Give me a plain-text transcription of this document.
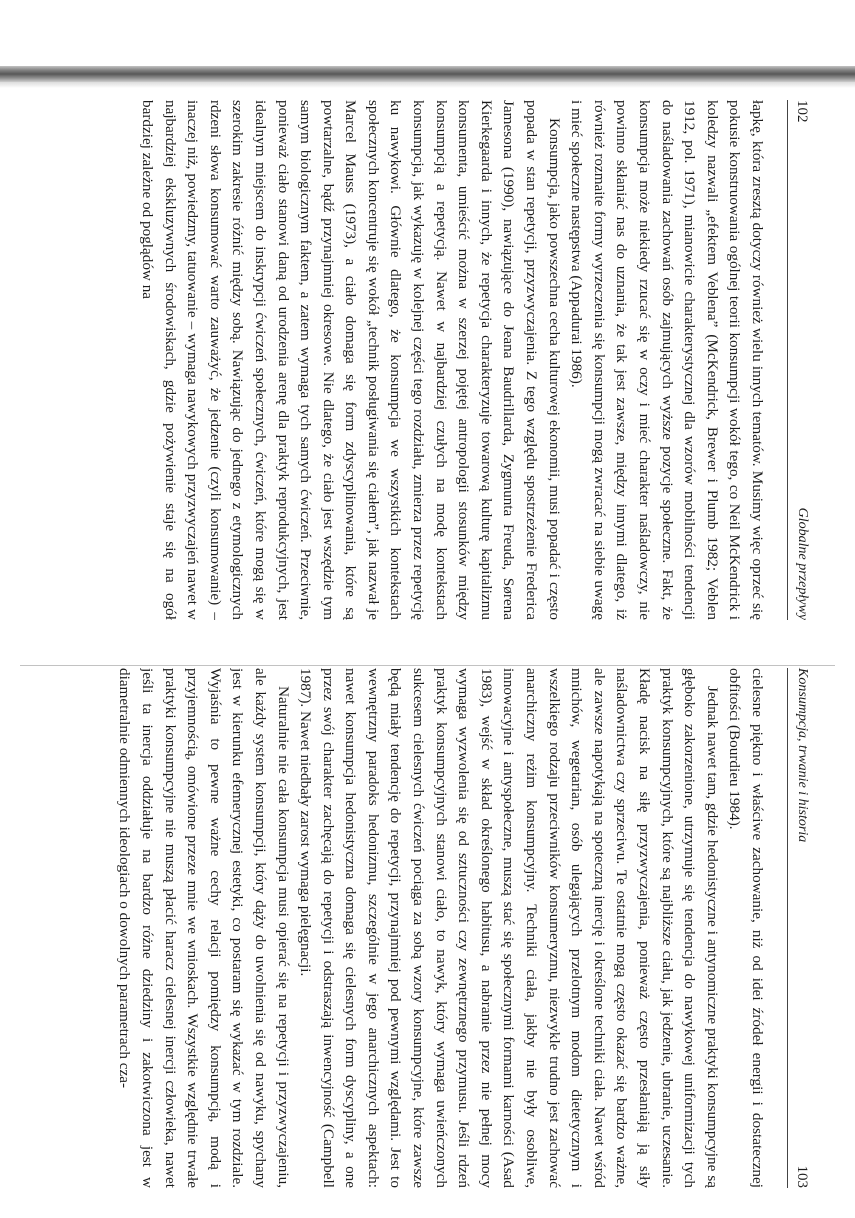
102
Globalne przepływy

łapkę, która zresztą dotyczy również wielu innych tematów. Musimy więc oprzeć się pokusie konstruowania ogólnej teorii konsumpcji wokół tego, co Neil McKendrick i koledzy nazwali „efektem Veblena” (McKendrick, Brewer i Plumb 1982; Veblen 1912, pol. 1971), mianowicie charakterystycznej dla wzorów mobilności tendencji do naśladowania zachowań osób zajmujących wyższe pozycje społeczne. Fakt, że konsumpcja może niekiedy rzucać się w oczy i mieć charakter naśladowczy, nie powinno skłaniać nas do uznania, że tak jest zawsze, między innymi dlatego, iż również rozmaite formy wyrzeczenia się konsumpcji mogą zwracać na siebie uwagę i mieć społeczne następstwa (Appadurai 1986).

Konsumpcja, jako powszechna cecha kulturowej ekonomii, musi popadać i często popada w stan repetycji, przyzwyczajenia. Z tego względu spostrzeżenie Frederica Jamesona (1990), nawiązujące do Jeana Baudrillarda, Zygmunta Freuda, Sørena Kierkegaarda i innych, że repetycja charakteryzuje towarową kulturę kapitalizmu konsumenta, umieścić można w szerzej pojętej antropologii stosunków między konsumpcją a repetycją. Nawet w najbardziej czułych na modę kontekstach konsumpcja, jak wykazuję w kolejnej części tego rozdziału, zmierza przez repetycję ku nawykowi. Głównie dlatego, że konsumpcja we wszystkich kontekstach społecznych koncentruje się wokół „technik posługiwania się ciałem”, jak nazwał je Marcel Mauss (1973), a ciało domaga się form zdyscyplinowania, które są powtarzalne, bądź przynajmniej okresowe. Nie dlatego, że ciało jest wszędzie tym samym biologicznym faktem, a zatem wymaga tych samych ćwiczeń. Przeciwnie, ponieważ ciało stanowi daną od urodzenia arenę dla praktyk reprodukcyjnych, jest idealnym miejscem do inskrypcji ćwiczeń społecznych, ćwiczeń, które mogą się w szerokim zakresie różnić między sobą. Nawiązując do jednego z etymologicznych rdzeni słowa konsumować warto zauważyć, że jedzenie (czyli konsumowanie) – inaczej niż, powiedzmy, tatuowanie – wymaga nawykowych przyzwyczajeń nawet w najbardziej ekskluzywnych środowiskach, gdzie pożywienie staje się na ogół bardziej zależne od poglądów na

Konsumpcja, trwanie i historia
103

cielesne piękno i właściwe zachowanie, niż od idei źródeł energii i dostatecznej obfitości (Bourdieu 1984).

Jednak nawet tam, gdzie hedonistyczne i antynomiczne praktyki konsumpcyjne są głęboko zakorzenione, utrzymuje się tendencja do nawykowej uniformizacji tych praktyk konsumpcyjnych, które są najbliższe ciału, jak jedzenie, ubranie, uczesanie. Kładę nacisk na siłę przyzwyczajenia, ponieważ często przesłaniają ją siły naśladownictwa czy sprzeciwu. Te ostatnie mogą często okazać się bardzo ważne, ale zawsze napotykają na spoteczną inercję i określone techniki ciała. Nawet wśród mnichów, wegetarian, osób ulegających przelotnym modom dietetycznym i wszelkiego rodzaju przeciwników konsumeryzmu, niezwykle trudno jest zachować anarchiczny reżim konsumpcyjny. Techniki ciała, jakby nie były osobliwe, innowacyjne i antyspołeczne, muszą stać się społecznymi formami karności (Asad 1983), wejść w skład określonego habitusu, a nabranie przez nie pełnej mocy wymaga wyzwolenia się od sztuczności czy zewnętrznego przymusu. Jeśli rdzeń praktyk konsumpcyjnych stanowi ciało, to nawyk, który wymaga uwieńczonych sukcesem cielesnych ćwiczeń pociąga za sobą wzory konsumpcyjne, które zawsze będą miały tendencję do repetycji, przynajmniej pod pewnymi względami. Jest to wewnętrzny paradoks hedonizmu, szczególnie w jego anarchicznych aspektach: nawet konsumpcja hedonistyczna domaga się cielesnych form dyscypliny, a one przez swój charakter zachęcają do repetycji i odstraszają inwencyjność (Campbell 1987). Nawet niedbały zarost wymaga pielęgnacji.

Naturalnie nie cała konsumpcja musi opierać się na repetycji i przyzwyczajeniu, ale każdy system konsumpcji, który dąży do uwolnienia się od nawyku, spychany jest w kierunku efemerycznej estetyki, co postaram się wykazać w tym rozdziale. Wyjaśnia to pewne ważne cechy relacji pomiędzy konsumpcją, modą i przyjemnością, omówione przeze mnie we wnioskach. Wszystkie względnie trwałe praktyki konsumpcyjne nie muszą płacić haracz cielesnej inercji człowieka, nawet jeśli ta inercja oddziałuje na bardzo różne dziedziny i zakotwiczona jest w diametralnie odmiennych ideologiach o dowolnych parametrach cza-
